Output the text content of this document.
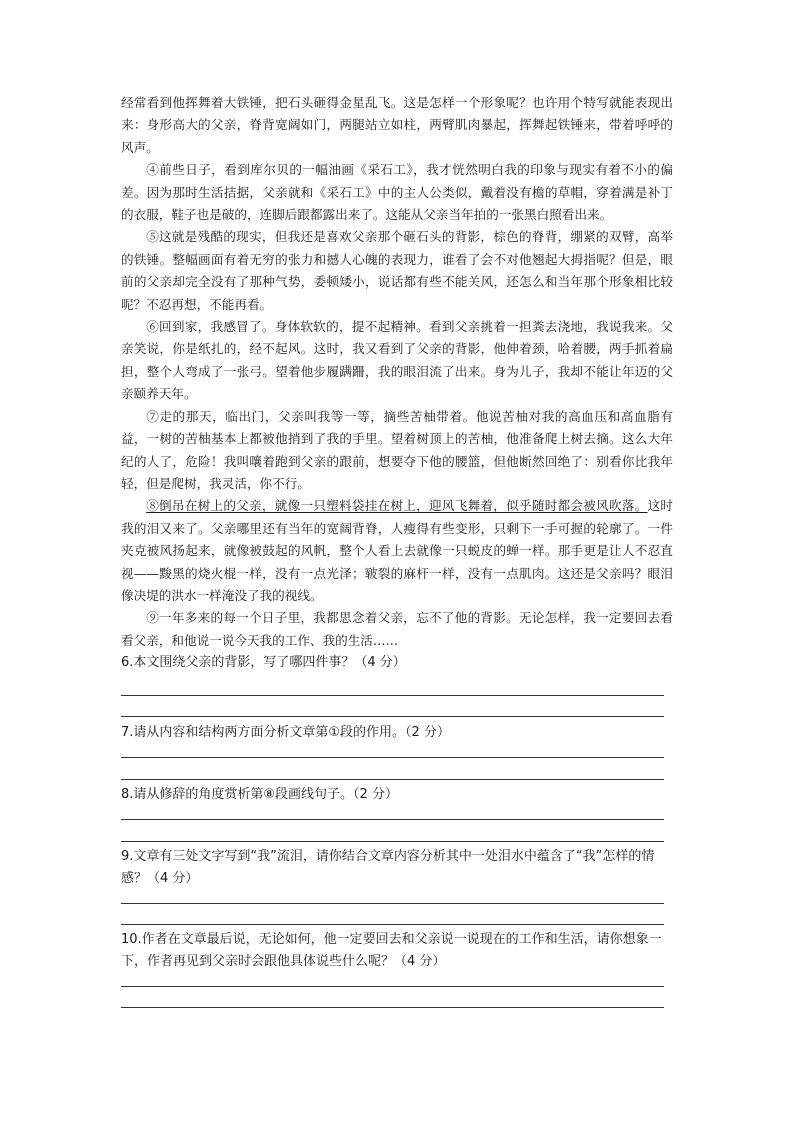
经常看到他挥舞着大铁锤，把石头砸得金星乱飞。这是怎样一个形象呢？也许用个特写就能表现出来：身形高大的父亲，脊背宽阔如门，两腿站立如柱，两臂肌肉暴起，挥舞起铁锤来，带着呼呼的风声。

④前些日子，看到库尔贝的一幅油画《采石工》，我才恍然明白我的印象与现实有着不小的偏差。因为那时生活拮据，父亲就和《采石工》中的主人公类似，戴着没有檐的草帽，穿着满是补丁的衣服，鞋子也是破的，连脚后跟都露出来了。这能从父亲当年拍的一张黑白照看出来。

⑤这就是残酷的现实，但我还是喜欢父亲那个砸石头的背影，棕色的脊背，绷紧的双臂，高举的铁锤。整幅画面有着无穷的张力和撼人心魄的表现力，谁看了会不对他翘起大拇指呢？但是，眼前的父亲却完全没有了那种气势，委顿矮小，说话都有些不能关风，还怎么和当年那个形象相比较呢？不忍再想，不能再看。

⑥回到家，我感冒了。身体软软的，提不起精神。看到父亲挑着一担粪去浇地，我说我来。父亲笑说，你是纸扎的，经不起风。这时，我又看到了父亲的背影，他伸着颈，哈着腰，两手抓着扁担，整个人弯成了一张弓。望着他步履蹒跚，我的眼泪流了出来。身为儿子，我却不能让年迈的父亲颐养天年。

⑦走的那天，临出门，父亲叫我等一等，摘些苦柚带着。他说苦柚对我的高血压和高血脂有益，一树的苦柚基本上都被他捎到了我的手里。望着树顶上的苦柚，他准备爬上树去摘。这么大年纪的人了，危险！我叫嚷着跑到父亲的跟前，想要夺下他的腰篮，但他断然回绝了：别看你比我年轻，但是爬树，我灵活，你不行。

⑧倒吊在树上的父亲，就像一只塑料袋挂在树上，迎风飞舞着，似乎随时都会被风吹落。这时我的泪又来了。父亲哪里还有当年的宽阔背脊，人瘦得有些变形，只剩下一手可握的轮廓了。一件夹克被风扬起来，就像被鼓起的风帆，整个人看上去就像一只蜕皮的蝉一样。那手更是让人不忍直视——黢黑的烧火棍一样，没有一点光泽；皲裂的麻杆一样，没有一点肌肉。这还是父亲吗？眼泪像决堤的洪水一样淹没了我的视线。

⑨一年多来的每一个日子里，我都思念着父亲，忘不了他的背影。无论怎样，我一定要回去看看父亲，和他说一说今天我的工作、我的生活……

6.本文围绕父亲的背影，写了哪四件事？（4 分）

7.请从内容和结构两方面分析文章第①段的作用。（2 分）

8.请从修辞的角度赏析第⑧段画线句子。（2 分）

9.文章有三处文字写到“我”流泪，请你结合文章内容分析其中一处泪水中蕴含了“我”怎样的情感？（4 分）

10.作者在文章最后说，无论如何，他一定要回去和父亲说一说现在的工作和生活，请你想象一下，作者再见到父亲时会跟他具体说些什么呢？（4 分）
